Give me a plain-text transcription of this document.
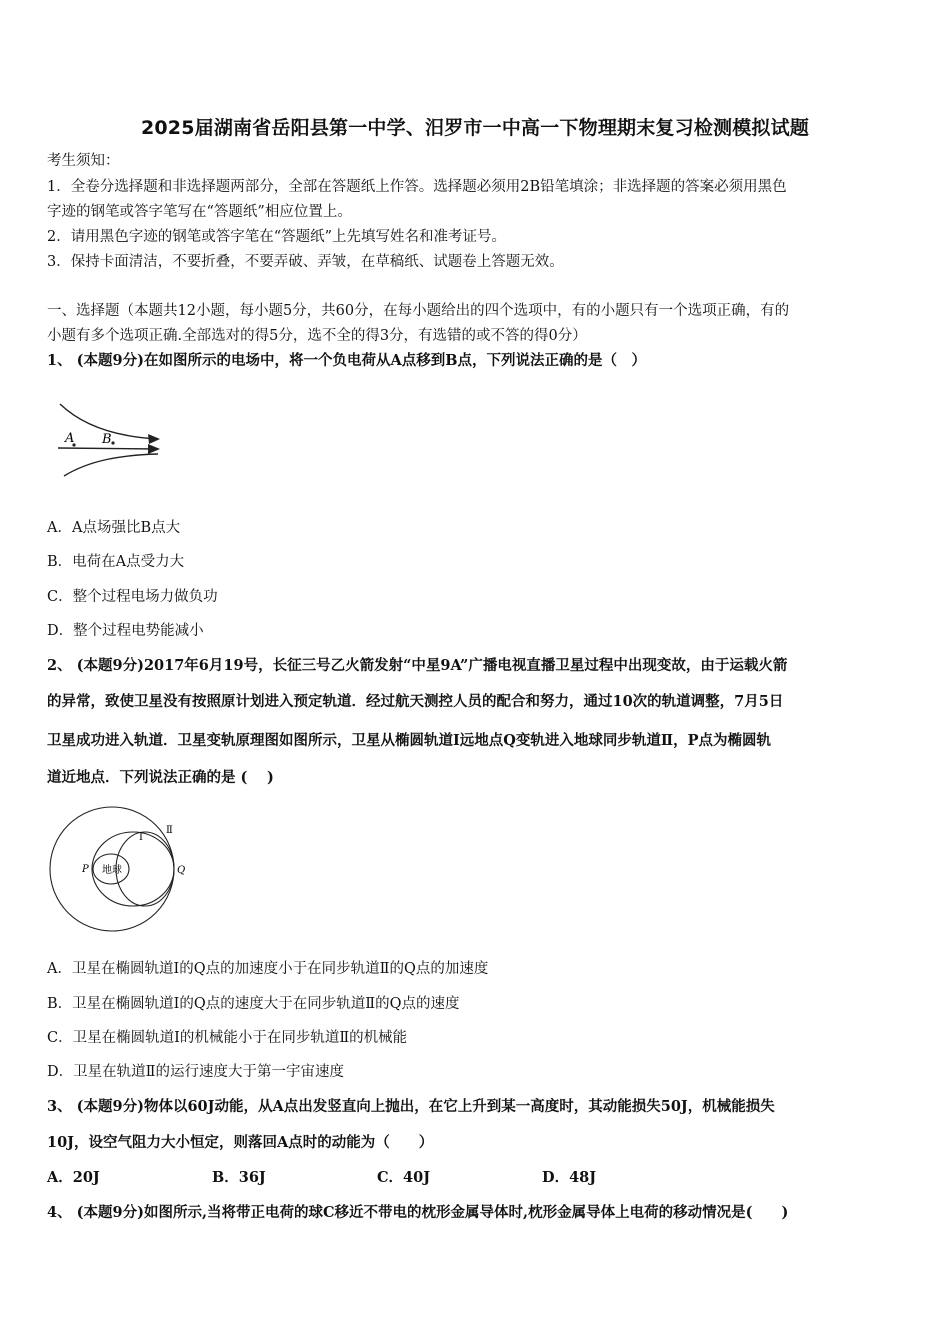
2025届湖南省岳阳县第一中学、汨罗市一中高一下物理期末复习检测模拟试题
考生须知：
1．全卷分选择题和非选择题两部分，全部在答题纸上作答。选择题必须用2B铅笔填涂；非选择题的答案必须用黑色
字迹的钢笔或答字笔写在“答题纸”相应位置上。
2．请用黑色字迹的钢笔或答字笔在“答题纸”上先填写姓名和准考证号。
3．保持卡面清洁，不要折叠，不要弄破、弄皱，在草稿纸、试题卷上答题无效。
一、选择题（本题共12小题，每小题5分，共60分，在每小题给出的四个选项中，有的小题只有一个选项正确，有的
小题有多个选项正确.全部选对的得5分，选不全的得3分，有选错的或不答的得0分）
1、 (本题9分)在如图所示的电场中，将一个负电荷从A点移到B点，下列说法正确的是（　）
A B
A．A点场强比B点大
B．电荷在A点受力大
C．整个过程电场力做负功
D．整个过程电势能减小
2、 (本题9分)2017年6月19号，长征三号乙火箭发射“中星9A”广播电视直播卫星过程中出现变故，由于运载火箭
的异常，致使卫星没有按照原计划进入预定轨道．经过航天测控人员的配合和努力，通过10次的轨道调整，7月5日
卫星成功进入轨道．卫星变轨原理图如图所示，卫星从椭圆轨道Ⅰ远地点Q变轨进入地球同步轨道Ⅱ，P点为椭圆轨
道近地点．下列说法正确的是 (　 )
地球
P	Q
Ⅰ
Ⅱ
A．卫星在椭圆轨道Ⅰ的Q点的加速度小于在同步轨道Ⅱ的Q点的加速度
B．卫星在椭圆轨道Ⅰ的Q点的速度大于在同步轨道Ⅱ的Q点的速度
C．卫星在椭圆轨道Ⅰ的机械能小于在同步轨道Ⅱ的机械能
D．卫星在轨道Ⅱ的运行速度大于第一宇宙速度
3、 (本题9分)物体以60J动能，从A点出发竖直向上抛出，在它上升到某一高度时，其动能损失50J，机械能损失
10J，设空气阻力大小恒定，则落回A点时的动能为（　　）
A．20J	B．36J	C．40J	D．48J
4、 (本题9分)如图所示,当将带正电荷的球C移近不带电的枕形金属导体时,枕形金属导体上电荷的移动情况是(　　)
